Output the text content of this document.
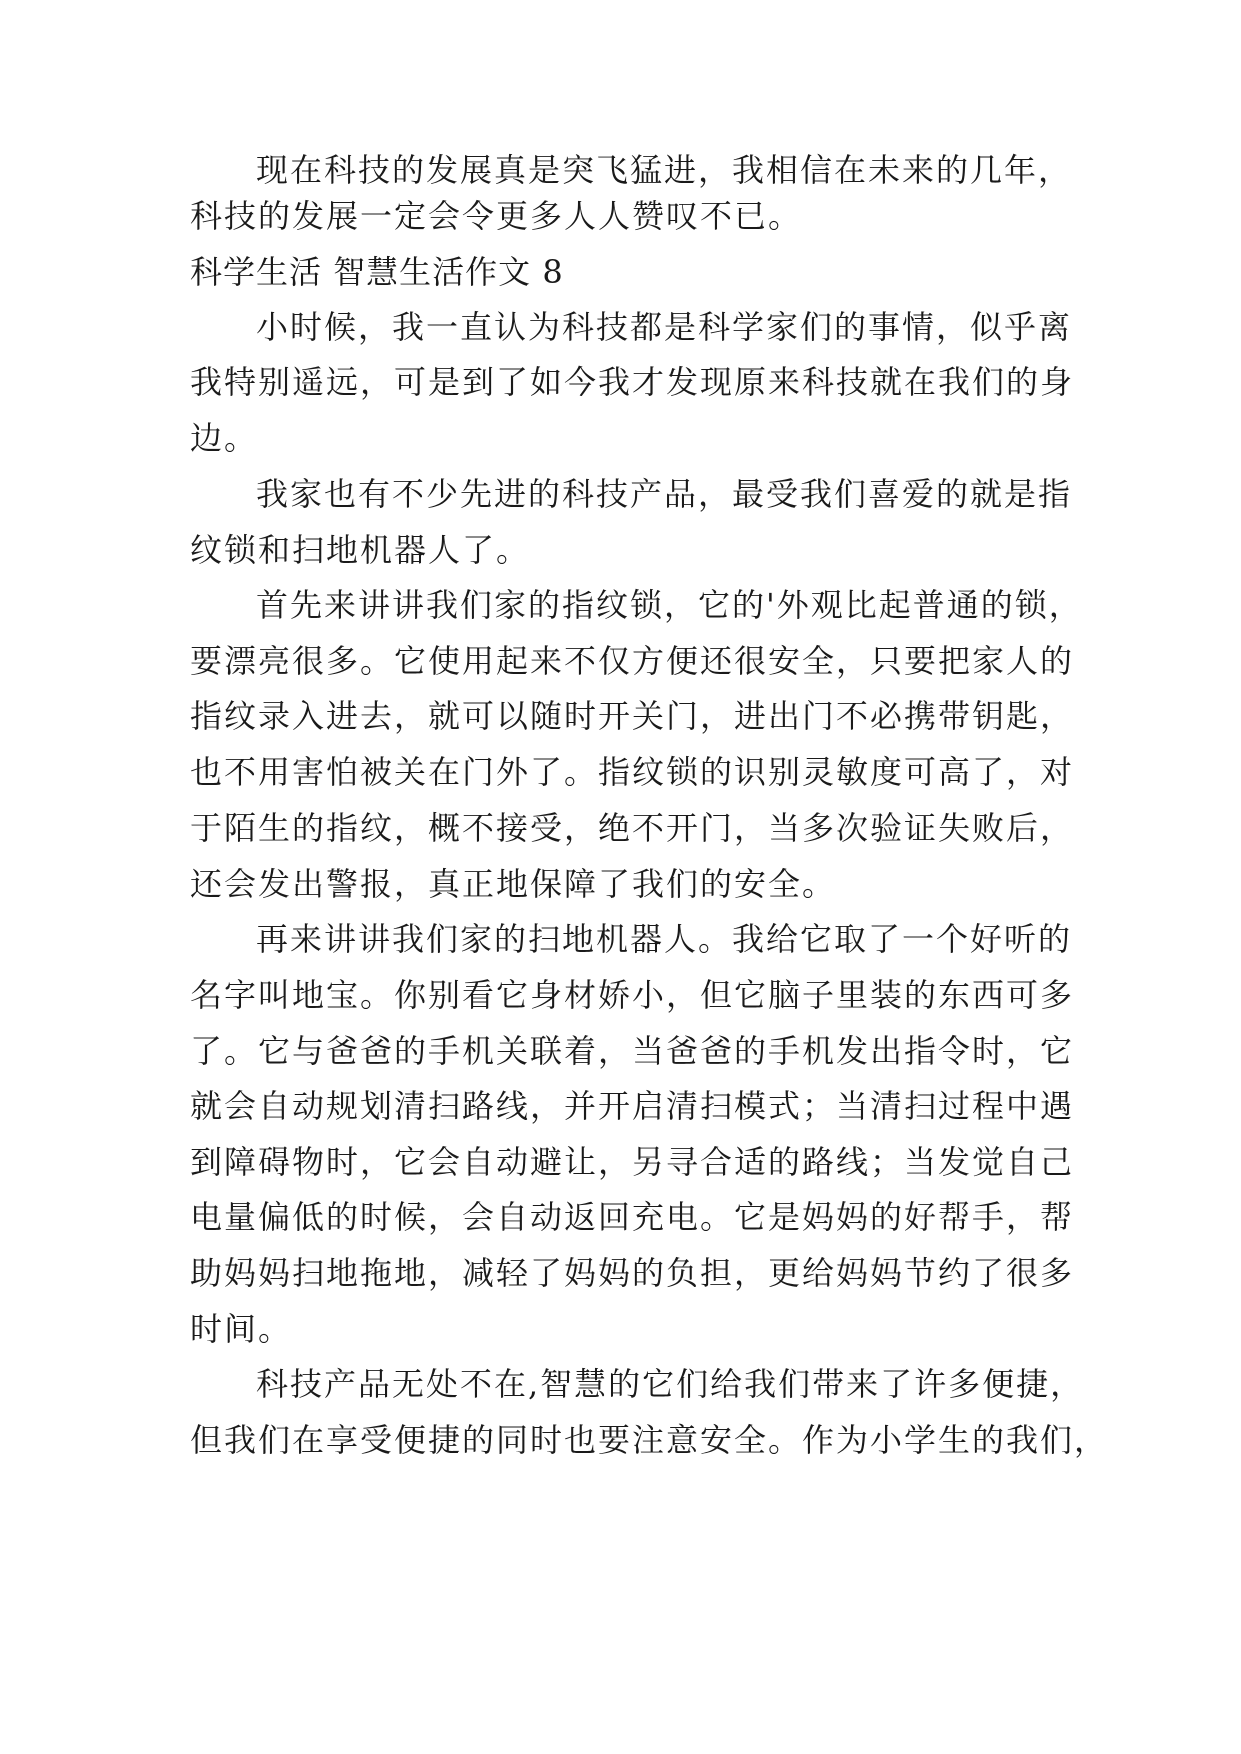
现在科技的发展真是突飞猛进，我相信在未来的几年，
科技的发展一定会令更多人人赞叹不已。
科学生活 智慧生活作文 8
小时候，我一直认为科技都是科学家们的事情，似乎离
我特别遥远，可是到了如今我才发现原来科技就在我们的身
边。
我家也有不少先进的科技产品，最受我们喜爱的就是指
纹锁和扫地机器人了。
首先来讲讲我们家的指纹锁，它的'外观比起普通的锁，
要漂亮很多。它使用起来不仅方便还很安全，只要把家人的
指纹录入进去，就可以随时开关门，进出门不必携带钥匙，
也不用害怕被关在门外了。指纹锁的识别灵敏度可高了，对
于陌生的指纹，概不接受，绝不开门，当多次验证失败后，
还会发出警报，真正地保障了我们的安全。
再来讲讲我们家的扫地机器人。我给它取了一个好听的
名字叫地宝。你别看它身材娇小，但它脑子里装的东西可多
了。它与爸爸的手机关联着，当爸爸的手机发出指令时，它
就会自动规划清扫路线，并开启清扫模式；当清扫过程中遇
到障碍物时，它会自动避让，另寻合适的路线；当发觉自己
电量偏低的时候，会自动返回充电。它是妈妈的好帮手，帮
助妈妈扫地拖地，减轻了妈妈的负担，更给妈妈节约了很多
时间。
科技产品无处不在,智慧的它们给我们带来了许多便捷，
但我们在享受便捷的同时也要注意安全。作为小学生的我们，
